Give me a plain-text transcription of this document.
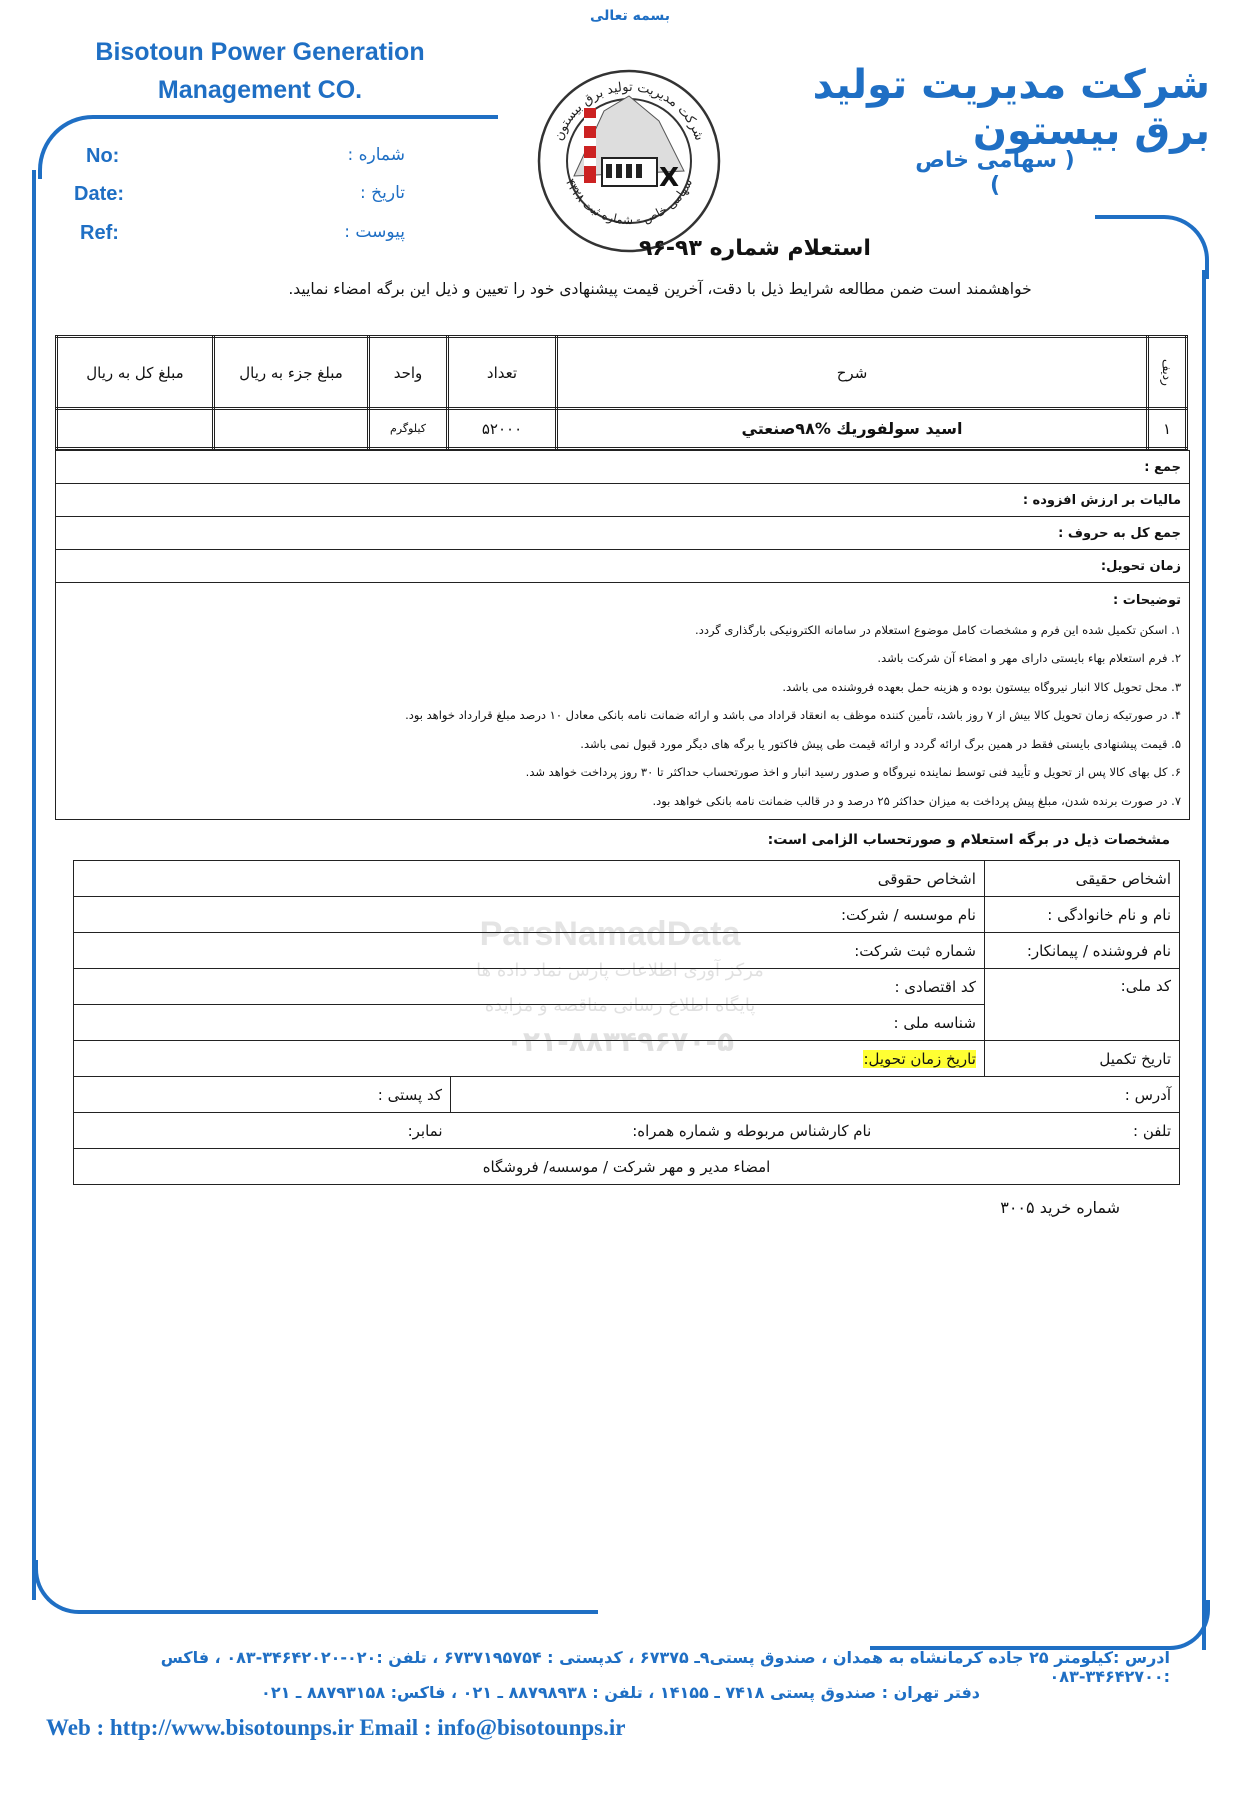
بسمه تعالی
Bisotoun Power Generation
Management CO.	شرکت مدیریت تولید برق بیستون
( سهامی خاص )
X
شرکت مدیریت تولید برق بیستون
سهامی خاص - شماره ثبت ۴۳۲۸
No:
Date:
Ref:
شماره :
تاریخ :
پیوست :
استعلام شماره ۹۳-۹۶
خواهشمند است ضمن مطالعه شرایط ذیل با دقت، آخرین قیمت پیشنهادی خود را تعیین و ذیل این برگه امضاء نمایید.
مبلغ کل به ریال	مبلغ جزء به ریال	واحد	تعداد	شرح	ردیف
		کیلوگرم	۵۲۰۰۰	اسید سولفوريك %۹۸صنعتي	۱
جمع :
مالیات بر ارزش افزوده :
جمع کل به حروف :
زمان تحویل:
توضیحات :
۱. اسکن تکمیل شده این فرم و مشخصات کامل موضوع استعلام در سامانه الکترونیکی بارگذاری گردد.
۲. فرم استعلام بهاء بایستی دارای مهر و امضاء آن شرکت باشد.
۳. محل تحویل کالا انبار نیروگاه بیستون بوده و هزینه حمل بعهده فروشنده می باشد.
۴. در صورتیکه زمان تحویل کالا بیش از ۷ روز باشد، تأمین کننده موظف به انعقاد قراداد می باشد و ارائه ضمانت نامه بانکی معادل ۱۰ درصد مبلغ قرارداد خواهد بود.
۵. قیمت پیشنهادی بایستی فقط در همین برگ ارائه گردد و ارائه قیمت طی پیش فاکتور یا برگه های دیگر مورد قبول نمی باشد.
۶. کل بهای کالا پس از تحویل و تأیید فنی توسط نماینده نیروگاه و صدور رسید انبار و اخذ صورتحساب حداکثر تا ۳۰ روز پرداخت خواهد شد.
۷. در صورت برنده شدن، مبلغ پیش پرداخت به میزان حداکثر ۲۵ درصد و در قالب ضمانت نامه بانکی خواهد بود.
ParsNamadData
مرکز آوری اطلاعات پارس نماد داده ها
پایگاه اطلاع رسانی مناقصه و مزایده
۰۲۱-۸۸۳۴۹۶۷۰-۵
مشخصات ذیل در برگه استعلام و صورتحساب الزامی است:
اشخاص حقوقی		اشخاص حقیقی	
نام موسسه / شرکت:		نام و نام خانوادگی :	
شماره ثبت شرکت:		نام فروشنده / پیمانکار:	
کد اقتصادی :		کد ملی:	
شناسه ملی :			
تاریخ زمان تحویل:		تاریخ تکمیل	
کد پستی :	آدرس :		
نمابر:	نام کارشناس مربوطه و شماره همراه:		تلفن :
امضاء مدیر و مهر شرکت / موسسه/ فروشگاه			
شماره خرید ۳۰۰۵
آدرس :کیلومتر ۲۵ جاده کرمانشاه به همدان ، صندوق پستی۹ـ ۶۷۳۷۵ ، کدپستی : ۶۷۳۷۱۹۵۷۵۴ ، تلفن :۰۲۰-۳۴۶۴۲۰۲۰-۰۸۳ ، فاکس :۳۴۶۴۲۷۰۰-۰۸۳
دفتر تهران : صندوق پستی ۷۴۱۸ ـ ۱۴۱۵۵ ، تلفن : ۸۸۷۹۸۹۳۸ ـ ۰۲۱ ، فاکس: ۸۸۷۹۳۱۵۸ ـ ۰۲۱
Web : http://www.bisotounps.ir Email : info@bisotounps.ir
